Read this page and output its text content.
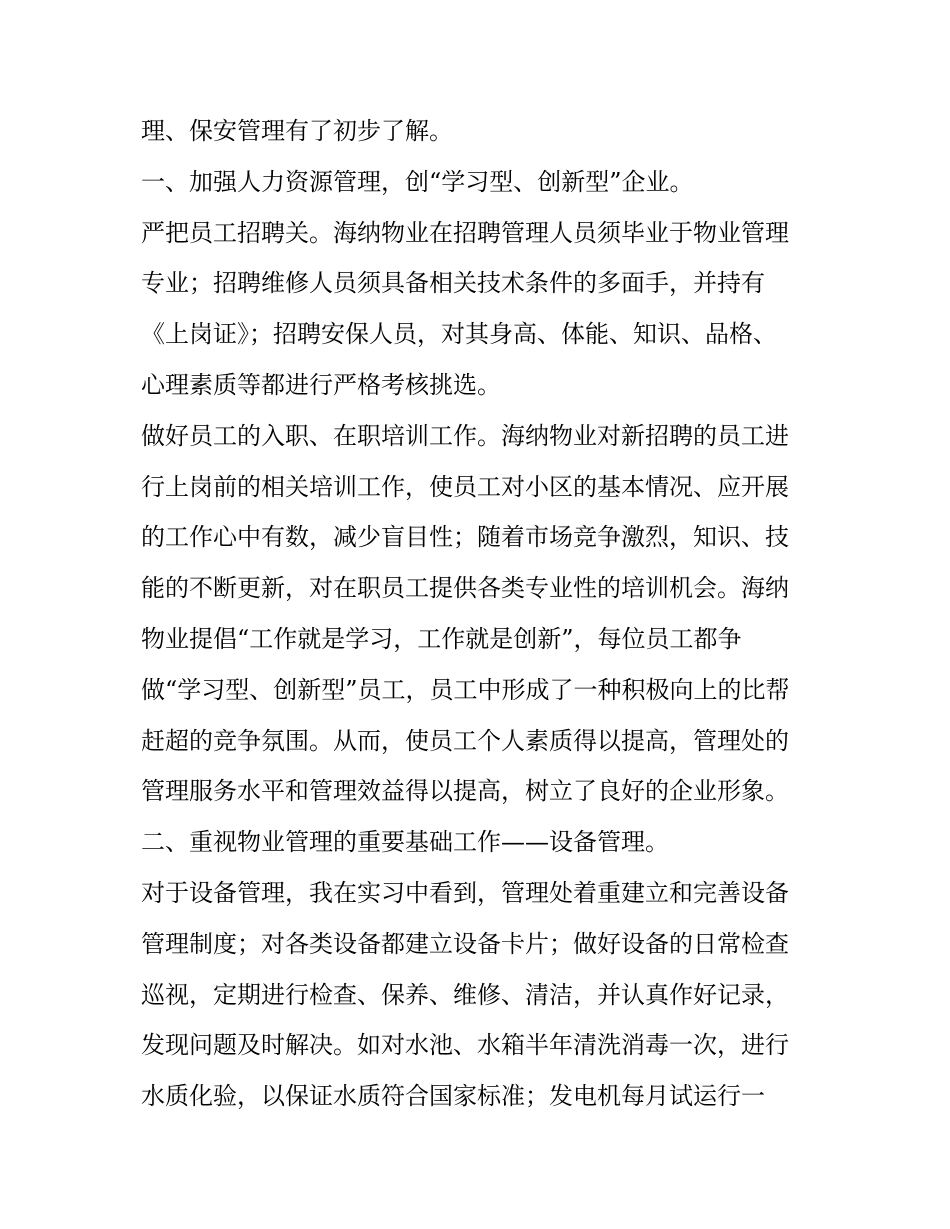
理、保安管理有了初步了解。
一、加强人力资源管理，创“学习型、创新型”企业。
严把员工招聘关。海纳物业在招聘管理人员须毕业于物业管理
专业；招聘维修人员须具备相关技术条件的多面手，并持有
《上岗证》；招聘安保人员，对其身高、体能、知识、品格、
心理素质等都进行严格考核挑选。
做好员工的入职、在职培训工作。海纳物业对新招聘的员工进
行上岗前的相关培训工作，使员工对小区的基本情况、应开展
的工作心中有数，减少盲目性；随着市场竞争激烈，知识、技
能的不断更新，对在职员工提供各类专业性的培训机会。海纳
物业提倡“工作就是学习，工作就是创新”，每位员工都争
做“学习型、创新型”员工，员工中形成了一种积极向上的比帮
赶超的竞争氛围。从而，使员工个人素质得以提高，管理处的
管理服务水平和管理效益得以提高，树立了良好的企业形象。
二、重视物业管理的重要基础工作——设备管理。
对于设备管理，我在实习中看到，管理处着重建立和完善设备
管理制度；对各类设备都建立设备卡片；做好设备的日常检查
巡视，定期进行检查、保养、维修、清洁，并认真作好记录，
发现问题及时解决。如对水池、水箱半年清洗消毒一次，进行
水质化验，以保证水质符合国家标准；发电机每月试运行一
